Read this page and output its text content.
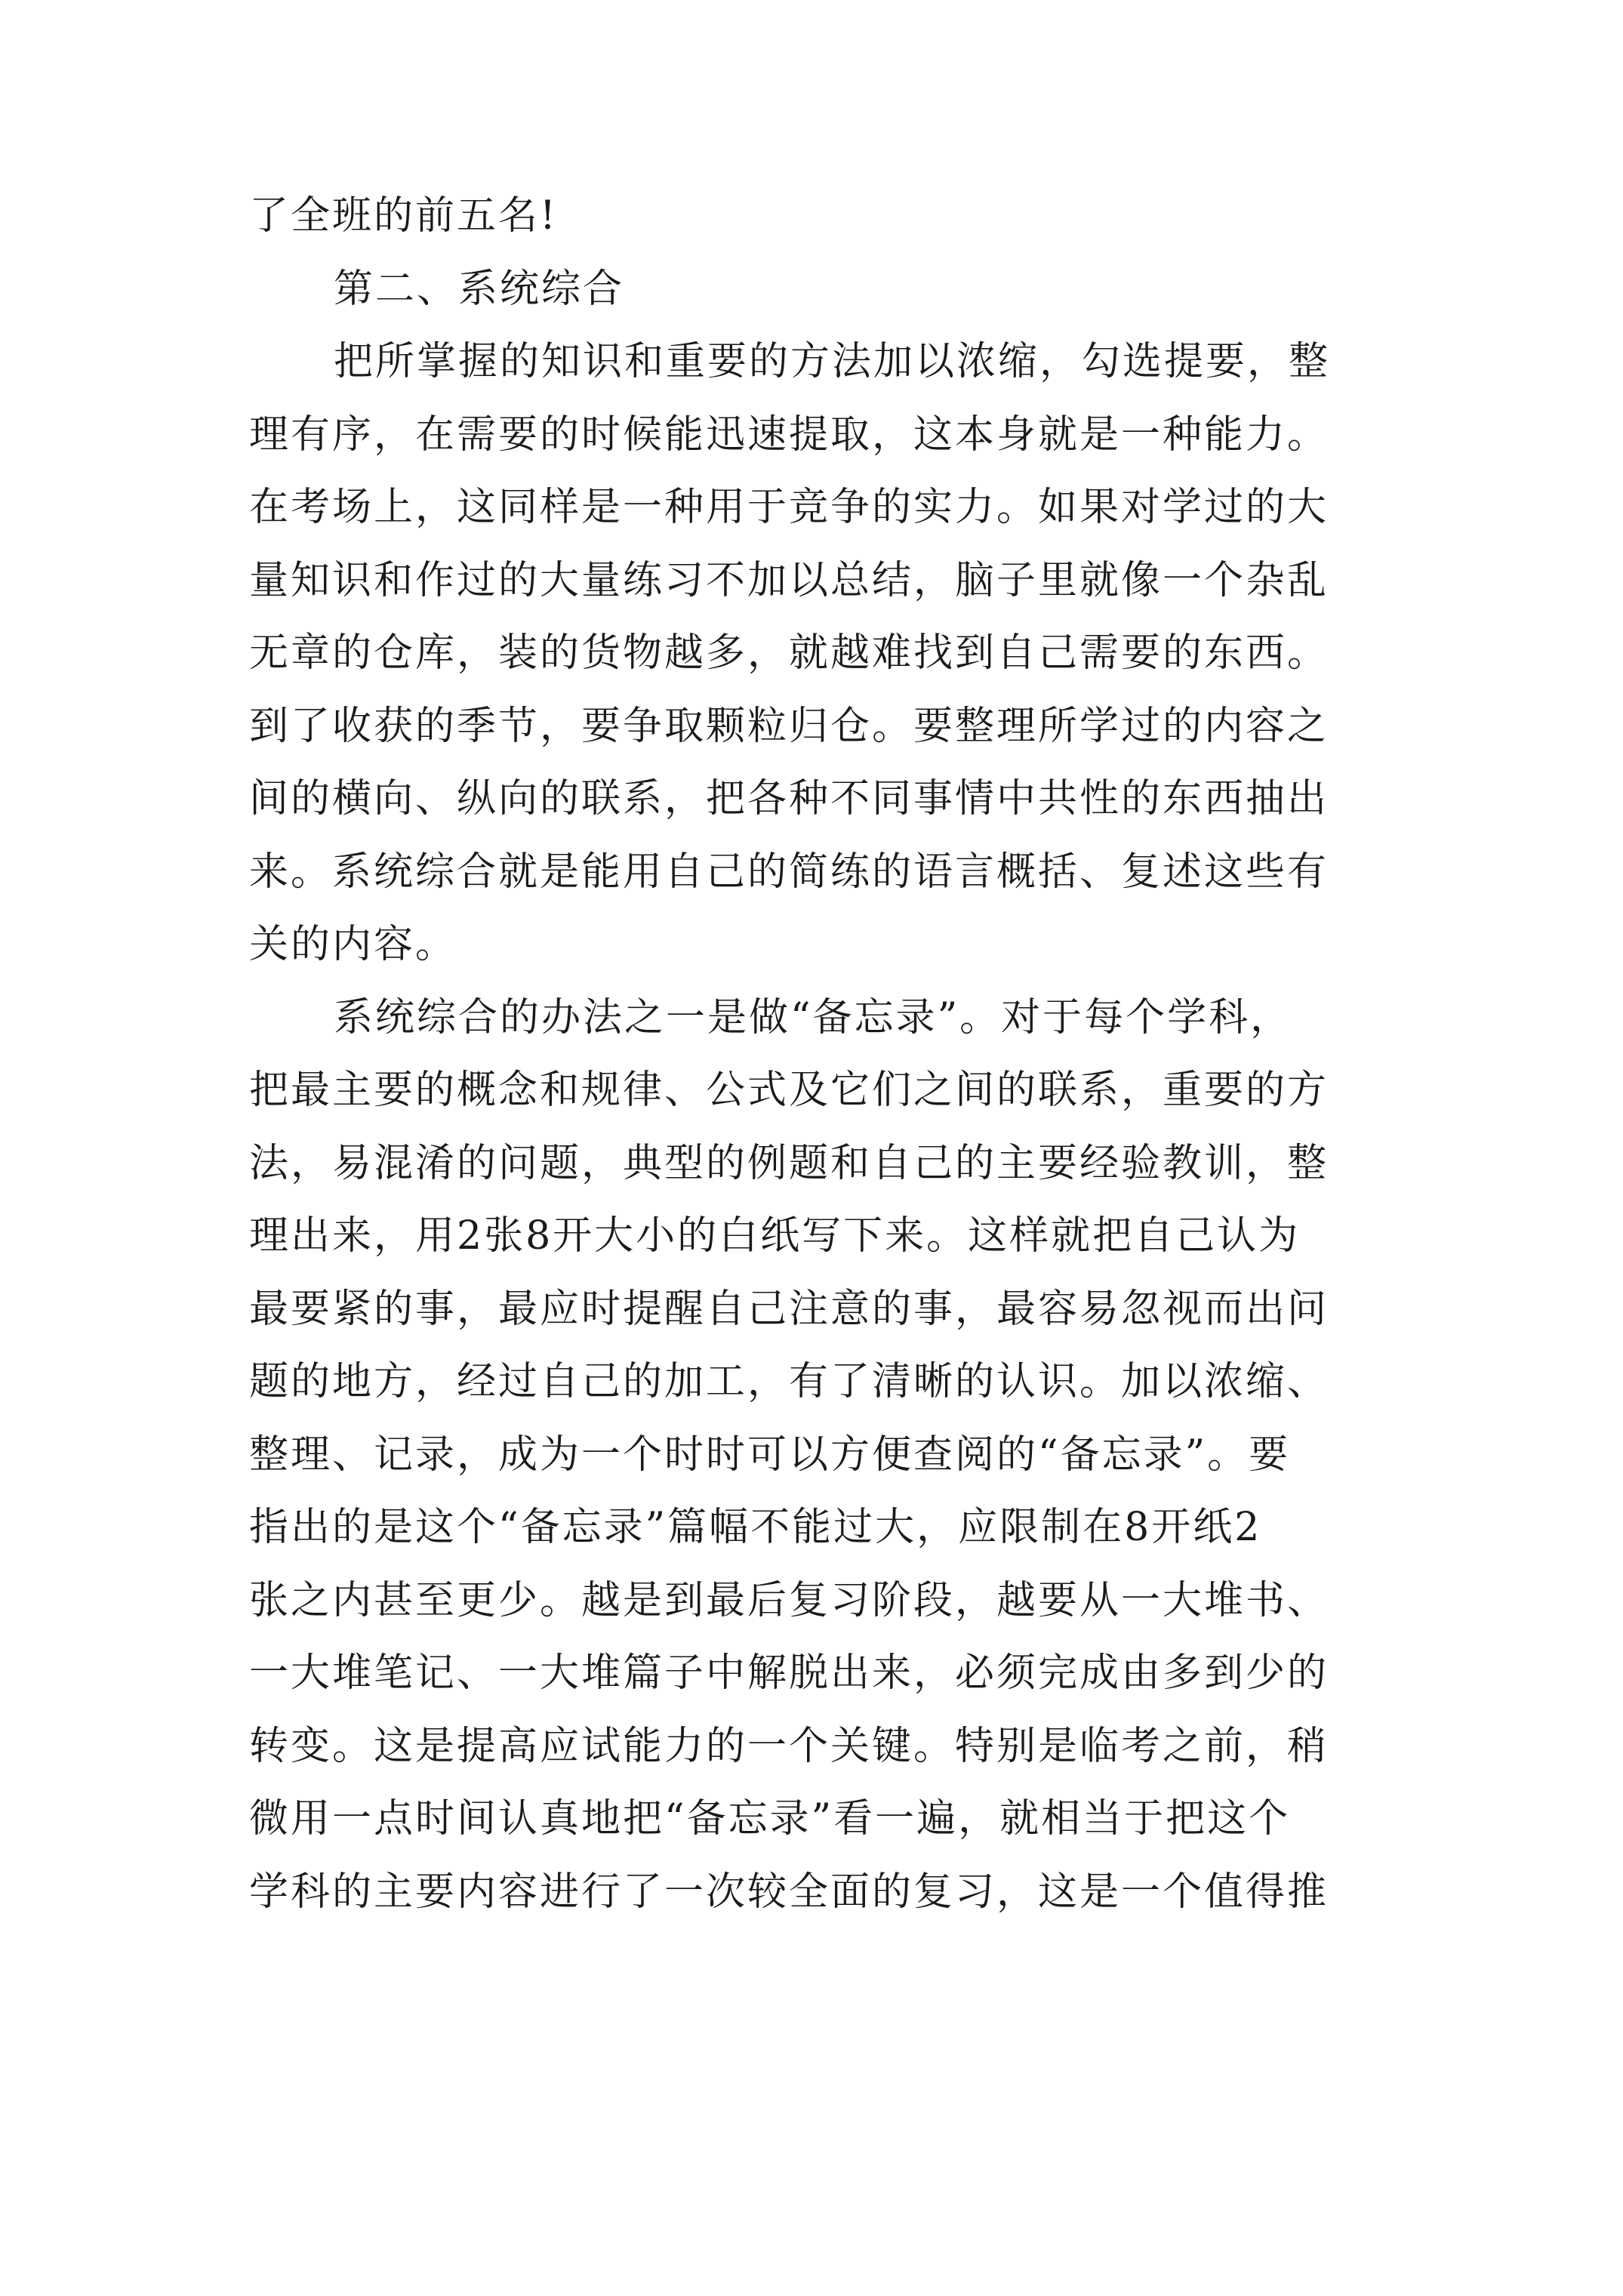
了全班的前五名!
第二、系统综合
把所掌握的知识和重要的方法加以浓缩，勾选提要，整
理有序，在需要的时候能迅速提取，这本身就是一种能力。
在考场上，这同样是一种用于竞争的实力。如果对学过的大
量知识和作过的大量练习不加以总结，脑子里就像一个杂乱
无章的仓库，装的货物越多，就越难找到自己需要的东西。
到了收获的季节，要争取颗粒归仓。要整理所学过的内容之
间的横向、纵向的联系，把各种不同事情中共性的东西抽出
来。系统综合就是能用自己的简练的语言概括、复述这些有
关的内容。
系统综合的办法之一是做“备忘录”。对于每个学科，
把最主要的概念和规律、公式及它们之间的联系，重要的方
法，易混淆的问题，典型的例题和自己的主要经验教训，整
理出来，用2张8开大小的白纸写下来。这样就把自己认为
最要紧的事，最应时提醒自己注意的事，最容易忽视而出问
题的地方，经过自己的加工，有了清晰的认识。加以浓缩、
整理、记录，成为一个时时可以方便查阅的“备忘录”。要
指出的是这个“备忘录”篇幅不能过大，应限制在8开纸2
张之内甚至更少。越是到最后复习阶段，越要从一大堆书、
一大堆笔记、一大堆篇子中解脱出来，必须完成由多到少的
转变。这是提高应试能力的一个关键。特别是临考之前，稍
微用一点时间认真地把“备忘录”看一遍，就相当于把这个
学科的主要内容进行了一次较全面的复习，这是一个值得推
